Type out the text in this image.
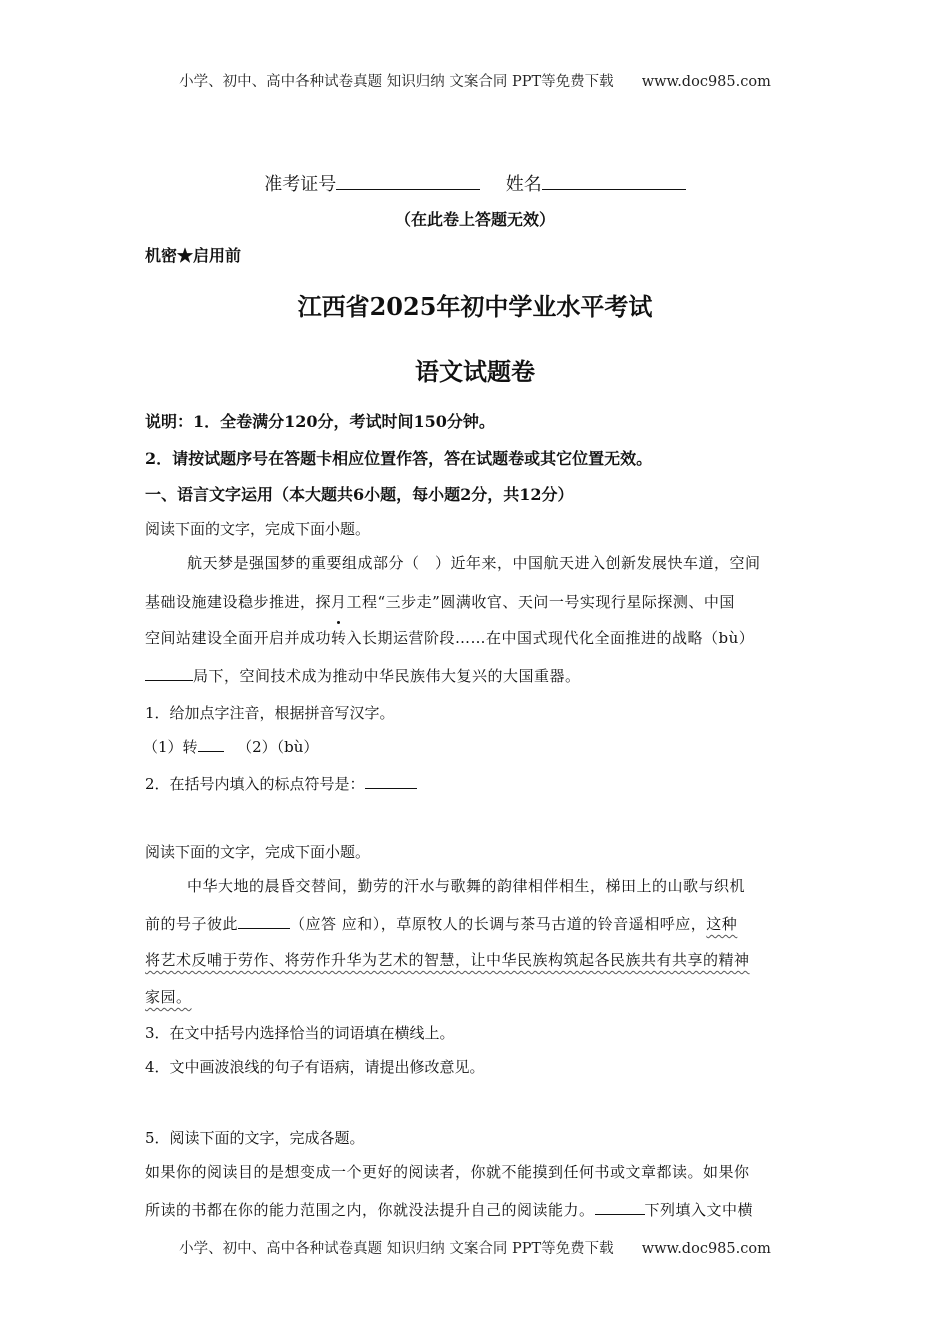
小学、初中、高中各种试卷真题 知识归纳 文案合同 PPT等免费下载 www.doc985.com
准考证号	姓名
（在此卷上答题无效）
机密★启用前
江西省2025年初中学业水平考试
语文试题卷
说明：1．全卷满分120分，考试时间150分钟。
2．请按试题序号在答题卡相应位置作答，答在试题卷或其它位置无效。
一、语言文字运用（本大题共6小题，每小题2分，共12分）
阅读下面的文字，完成下面小题。
航天梦是强国梦的重要组成部分（　）近年来，中国航天进入创新发展快车道，空间
基础设施建设稳步推进，探月工程“三步走”圆满收官、天问一号实现行星际探测、中国
空间站建设全面开启并成功转入长期运营阶段……在中国式现代化全面推进的战略（bù）
局下，空间技术成为推动中华民族伟大复兴的大国重器。
1．给加点字注音，根据拼音写汉字。
（1）转	（2）（bù）
2．在括号内填入的标点符号是：
阅读下面的文字，完成下面小题。
中华大地的晨昏交替间，勤劳的汗水与歌舞的韵律相伴相生，梯田上的山歌与织机
前的号子彼此	（应答 应和），草原牧人的长调与茶马古道的铃音遥相呼应，这种
将艺术反哺于劳作、将劳作升华为艺术的智慧，让中华民族构筑起各民族共有共享的精神
家园。
3．在文中括号内选择恰当的词语填在横线上。
4．文中画波浪线的句子有语病，请提出修改意见。
5．阅读下面的文字，完成各题。
如果你的阅读目的是想变成一个更好的阅读者，你就不能摸到任何书或文章都读。如果你
所读的书都在你的能力范围之内，你就没法提升自己的阅读能力。	下列填入文中横
小学、初中、高中各种试卷真题 知识归纳 文案合同 PPT等免费下载 www.doc985.com
